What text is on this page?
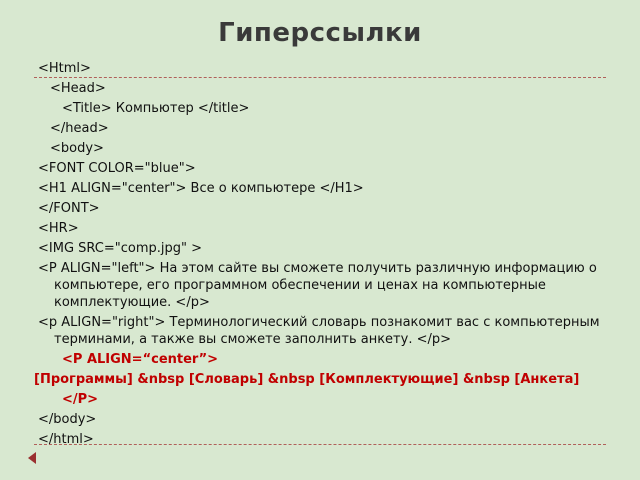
Гиперссылки
<Html>
<Head>
<Title> Компьютер </title>
</head>
<body>
<FONT COLOR="blue">
<H1 ALIGN="center"> Все о компьютере </H1>
</FONT>
<HR>
<IMG SRC="comp.jpg" >
<P ALIGN="left"> На этом сайте вы сможете получить различную информацию о компьютере, его программном обеспечении и ценах на компьютерные комплектующие. </p>
<p ALIGN="right"> Терминологический словарь познакомит вас с компьютерным терминами, а также вы сможете заполнить анкету. </p>
<P ALIGN=“center”>
[Программы] &nbsp [Словарь] &nbsp [Комплектующие] &nbsp [Анкета]
</P>
</body>
</html>
